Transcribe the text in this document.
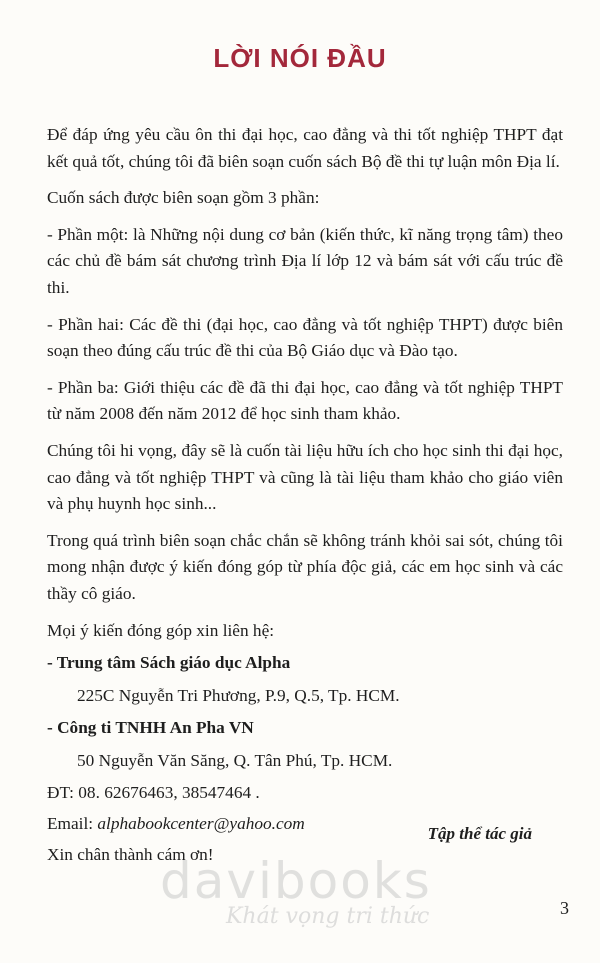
LỜI NÓI ĐẦU

Để đáp ứng yêu cầu ôn thi đại học, cao đẳng và thi tốt nghiệp THPT đạt kết quả tốt, chúng tôi đã biên soạn cuốn sách Bộ đề thi tự luận môn Địa lí.

Cuốn sách được biên soạn gồm 3 phần:

- Phần một: là Những nội dung cơ bản (kiến thức, kĩ năng trọng tâm) theo các chủ đề bám sát chương trình Địa lí lớp 12 và bám sát với cấu trúc đề thi.

- Phần hai: Các đề thi (đại học, cao đẳng và tốt nghiệp THPT) được biên soạn theo đúng cấu trúc đề thi của Bộ Giáo dục và Đào tạo.

- Phần ba: Giới thiệu các đề đã thi đại học, cao đẳng và tốt nghiệp THPT từ năm 2008 đến năm 2012 để học sinh tham khảo.

Chúng tôi hi vọng, đây sẽ là cuốn tài liệu hữu ích cho học sinh thi đại học, cao đẳng và tốt nghiệp THPT và cũng là tài liệu tham khảo cho giáo viên và phụ huynh học sinh...

Trong quá trình biên soạn chắc chắn sẽ không tránh khỏi sai sót, chúng tôi mong nhận được ý kiến đóng góp từ phía độc giả, các em học sinh và các thầy cô giáo.

Mọi ý kiến đóng góp xin liên hệ:

- Trung tâm Sách giáo dục Alpha

225C Nguyễn Tri Phương, P.9, Q.5, Tp. HCM.

- Công ti TNHH An Pha VN

50 Nguyễn Văn Săng, Q. Tân Phú, Tp. HCM.

ĐT: 08. 62676463, 38547464 .

Email: alphabookcenter@yahoo.com

Xin chân thành cám ơn!

Tập thể tác giả
davibooks
Khát vọng tri thức	3
